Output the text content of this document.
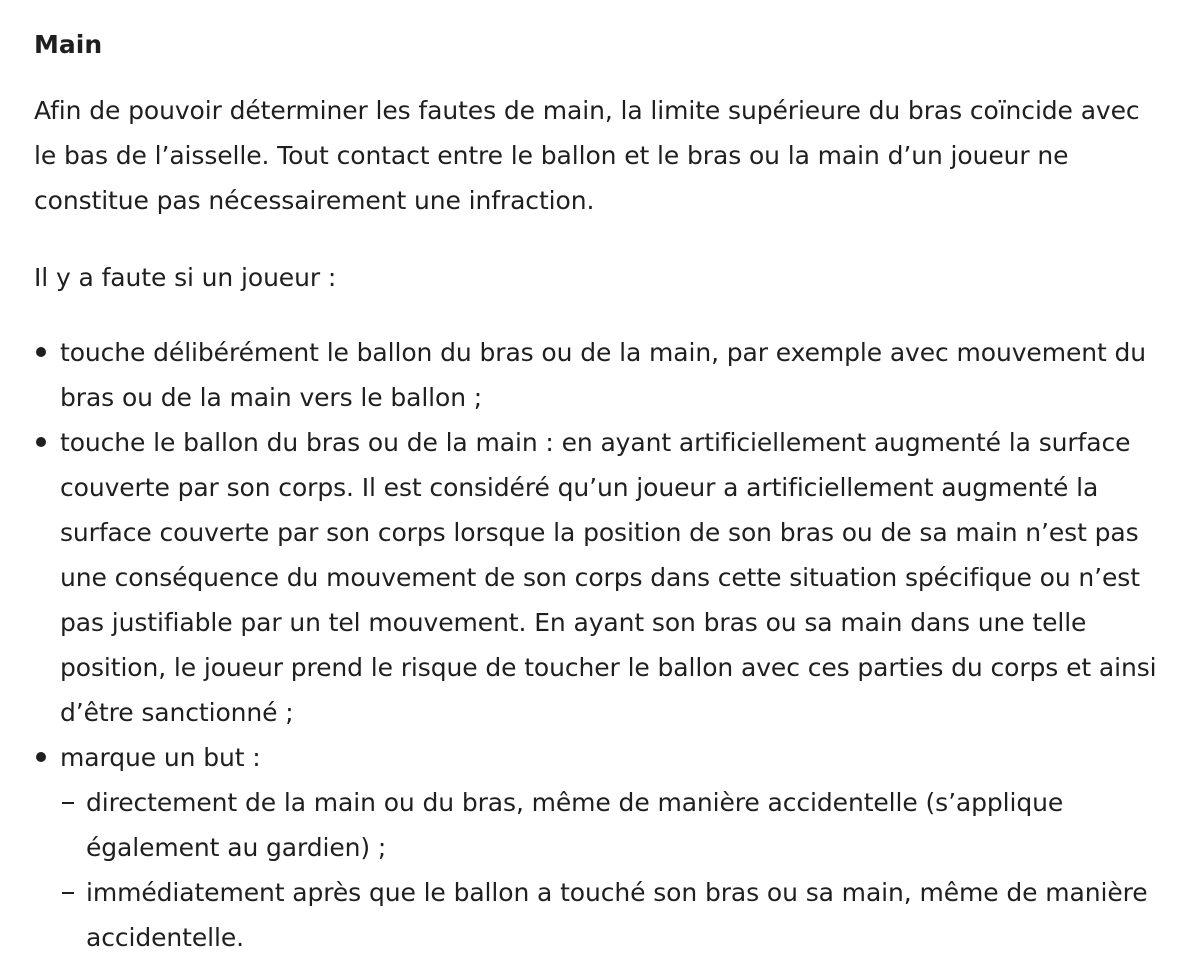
Main

Afin de pouvoir déterminer les fautes de main, la limite supérieure du bras coïncide avec le bas de l’aisselle. Tout contact entre le ballon et le bras ou la main d’un joueur ne constitue pas nécessairement une infraction.

Il y a faute si un joueur :

touche délibérément le ballon du bras ou de la main, par exemple avec mouvement du bras ou de la main vers le ballon ;
touche le ballon du bras ou de la main : en ayant artificiellement augmenté la surface couverte par son corps. Il est considéré qu’un joueur a artificiellement augmenté la surface couverte par son corps lorsque la position de son bras ou de sa main n’est pas une conséquence du mouvement de son corps dans cette situation spécifique ou n’est pas justifiable par un tel mouvement. En ayant son bras ou sa main dans une telle position, le joueur prend le risque de toucher le ballon avec ces parties du corps et ainsi d’être sanctionné ;
marque un but :
directement de la main ou du bras, même de manière accidentelle (s’applique également au gardien) ;
immédiatement après que le ballon a touché son bras ou sa main, même de manière accidentelle.
